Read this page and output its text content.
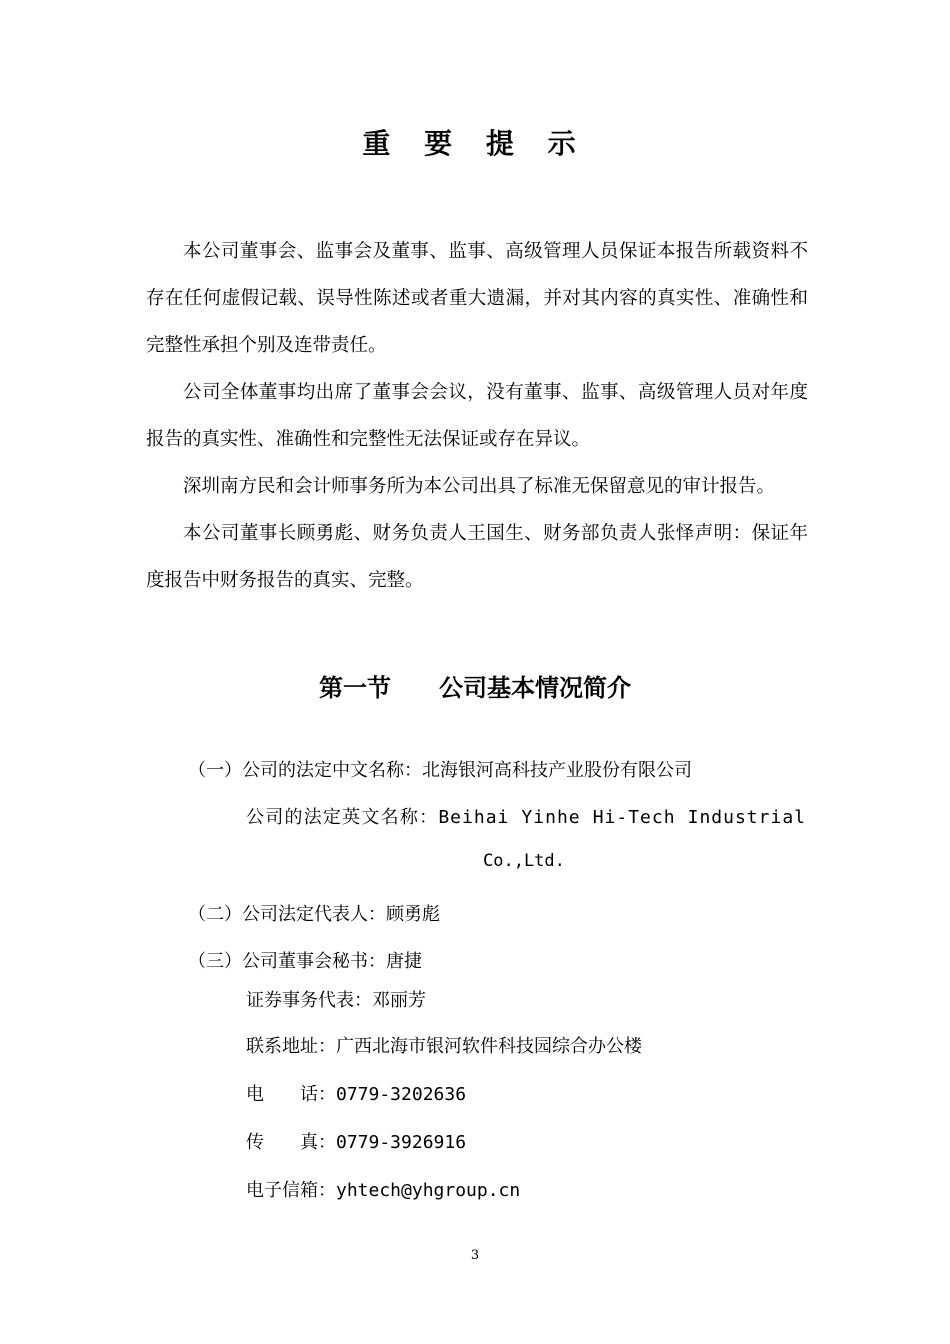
重 要 提 示

本公司董事会、监事会及董事、监事、高级管理人员保证本报告所载资料不存在任何虚假记载、误导性陈述或者重大遗漏，并对其内容的真实性、准确性和完整性承担个别及连带责任。

公司全体董事均出席了董事会会议，没有董事、监事、高级管理人员对年度报告的真实性、准确性和完整性无法保证或存在异议。

深圳南方民和会计师事务所为本公司出具了标准无保留意见的审计报告。

本公司董事长顾勇彪、财务负责人王国生、财务部负责人张怿声明：保证年度报告中财务报告的真实、完整。

第一节 公司基本情况简介
（一）公司的法定中文名称：北海银河高科技产业股份有限公司
公司的法定英文名称：Beihai Yinhe Hi-Tech Industrial
Co.,Ltd.
（二）公司法定代表人：顾勇彪
（三）公司董事会秘书：唐捷
证券事务代表：邓丽芳
联系地址：广西北海市银河软件科技园综合办公楼
电　　话：0779-3202636
传　　真：0779-3926916
电子信箱：yhtech@yhgroup.cn
3
